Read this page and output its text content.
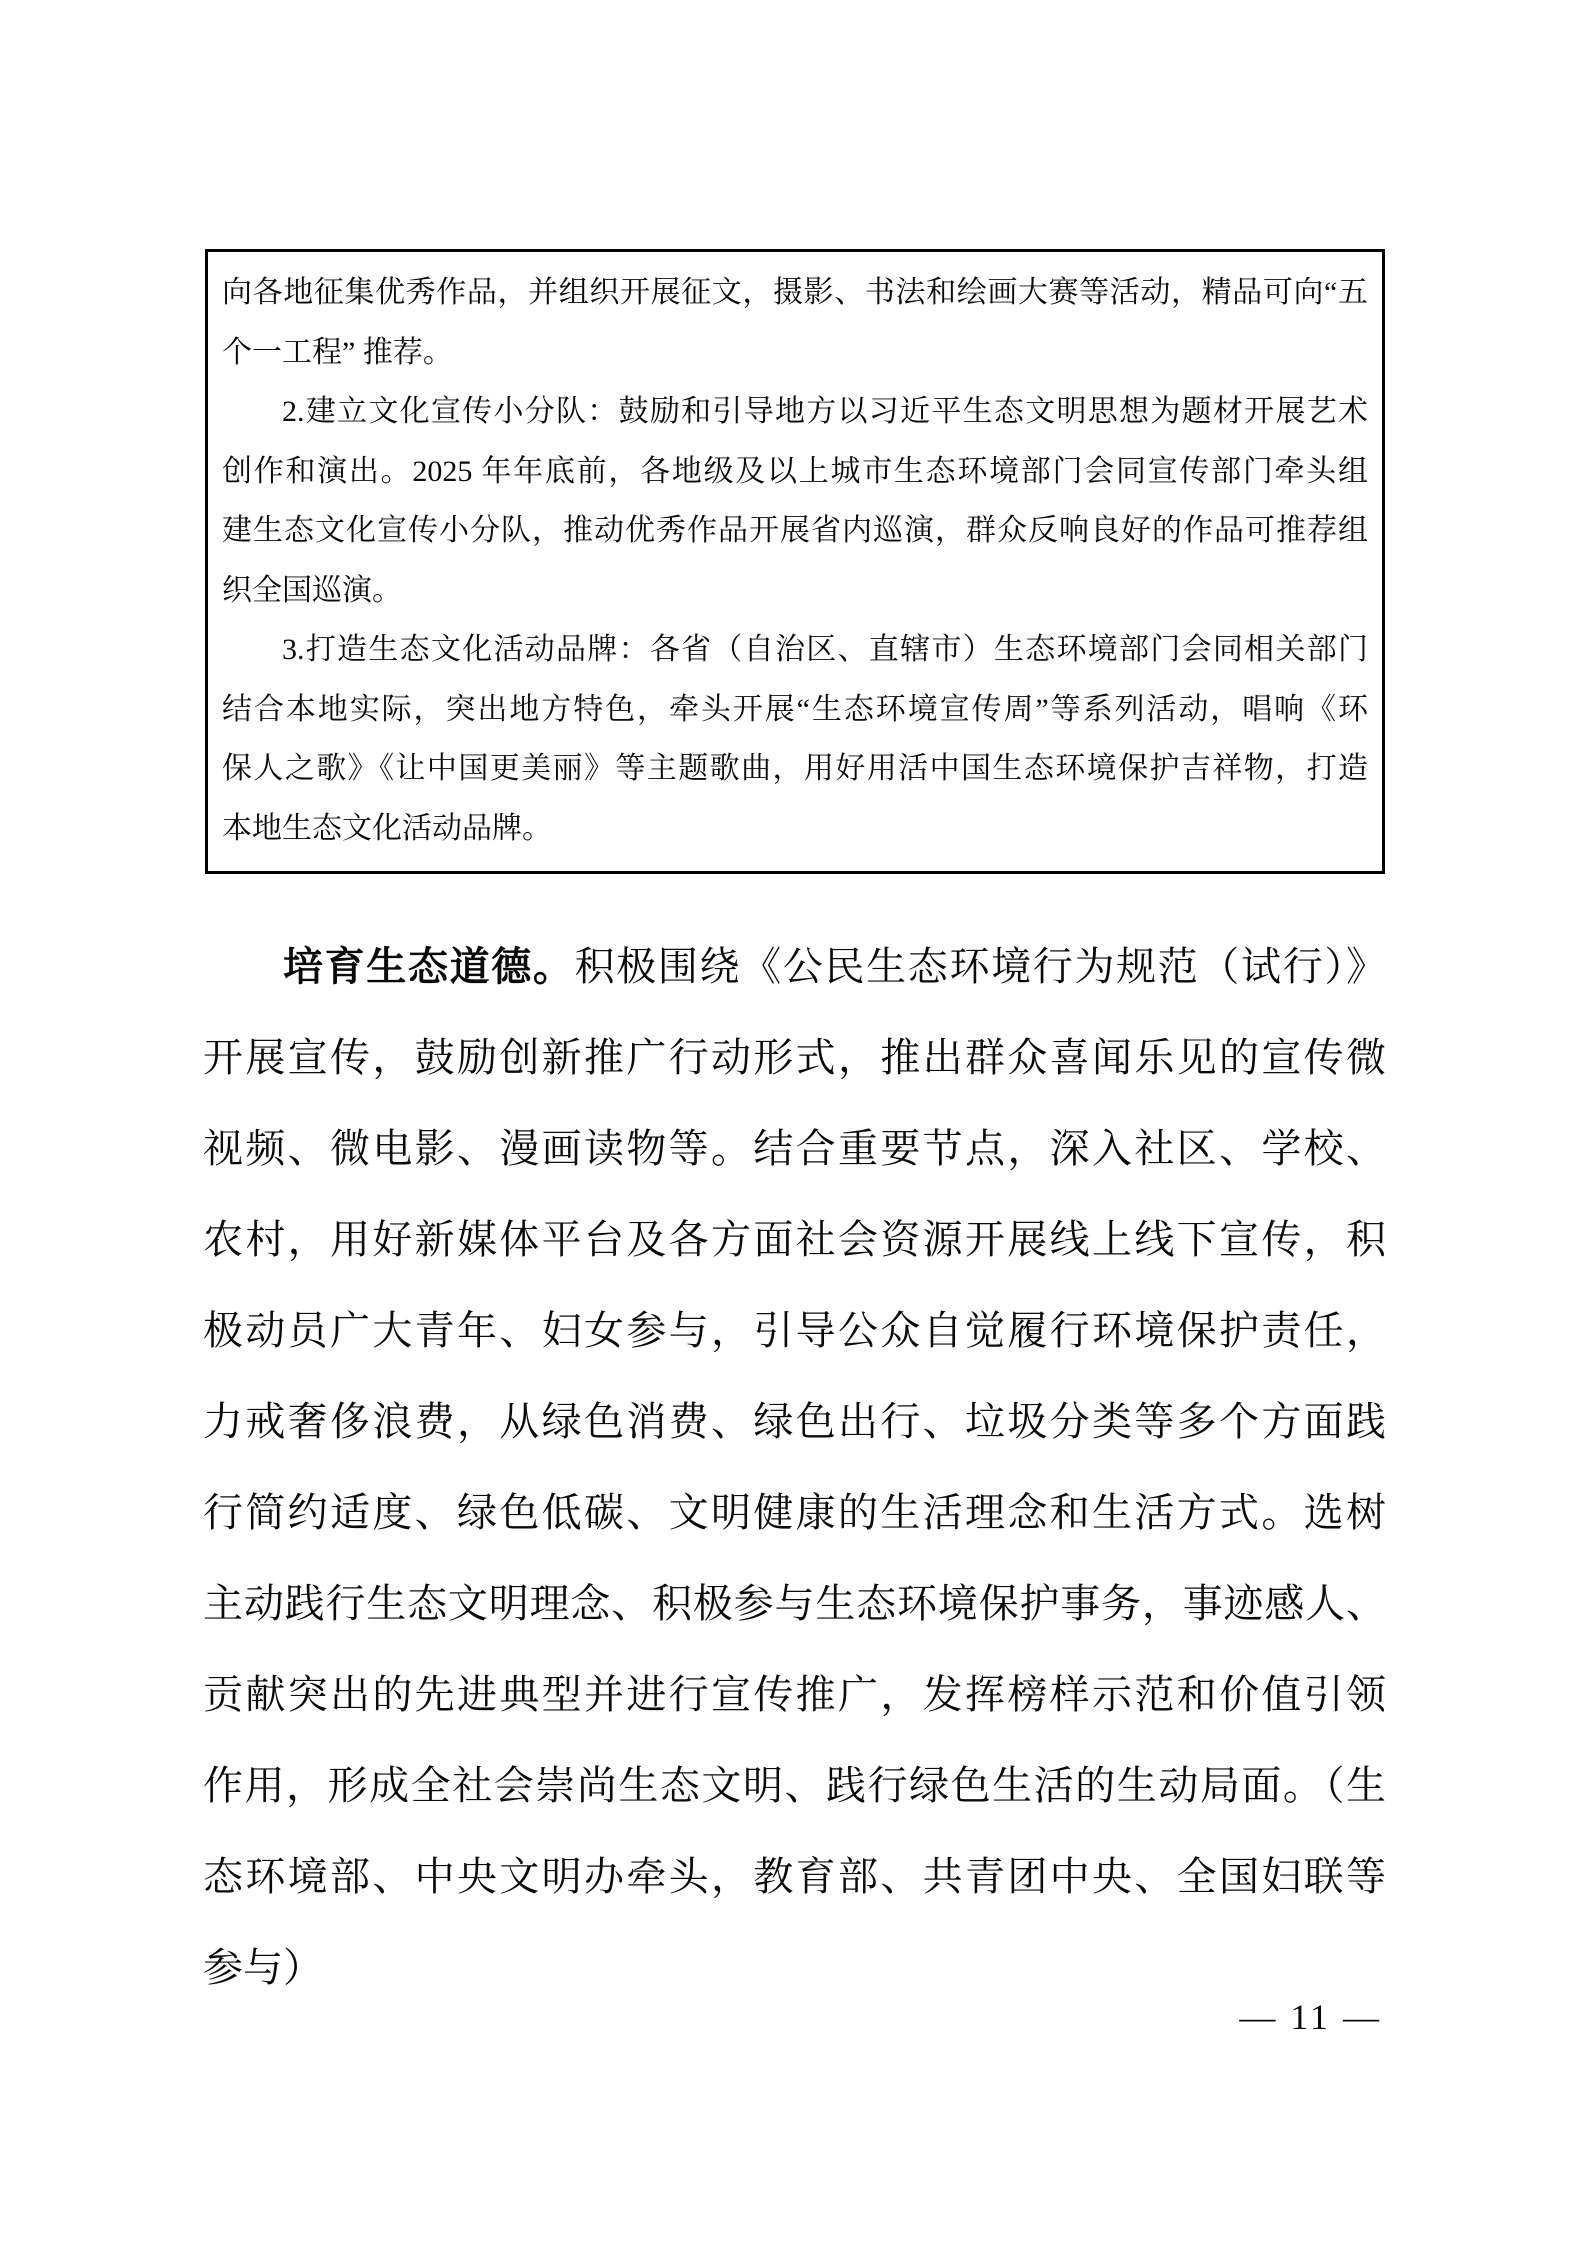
向各地征集优秀作品，并组织开展征文，摄影、书法和绘画大赛等活动，精品可向“五
个一工程” 推荐。
2.建立文化宣传小分队：鼓励和引导地方以习近平生态文明思想为题材开展艺术
创作和演出。2025 年年底前，各地级及以上城市生态环境部门会同宣传部门牵头组
建生态文化宣传小分队，推动优秀作品开展省内巡演，群众反响良好的作品可推荐组
织全国巡演。
3.打造生态文化活动品牌：各省（自治区、直辖市）生态环境部门会同相关部门
结合本地实际，突出地方特色，牵头开展“生态环境宣传周”等系列活动，唱响《环
保人之歌》《让中国更美丽》等主题歌曲，用好用活中国生态环境保护吉祥物，打造
本地生态文化活动品牌。
培育生态道德。积极围绕《公民生态环境行为规范（试行）》
开展宣传，鼓励创新推广行动形式，推出群众喜闻乐见的宣传微
视频、微电影、漫画读物等。结合重要节点，深入社区、学校、
农村，用好新媒体平台及各方面社会资源开展线上线下宣传，积
极动员广大青年、妇女参与，引导公众自觉履行环境保护责任，
力戒奢侈浪费，从绿色消费、绿色出行、垃圾分类等多个方面践
行简约适度、绿色低碳、文明健康的生活理念和生活方式。选树
主动践行生态文明理念、积极参与生态环境保护事务，事迹感人、
贡献突出的先进典型并进行宣传推广，发挥榜样示范和价值引领
作用，形成全社会崇尚生态文明、践行绿色生活的生动局面。（生
态环境部、中央文明办牵头，教育部、共青团中央、全国妇联等
参与）
— 11 —
